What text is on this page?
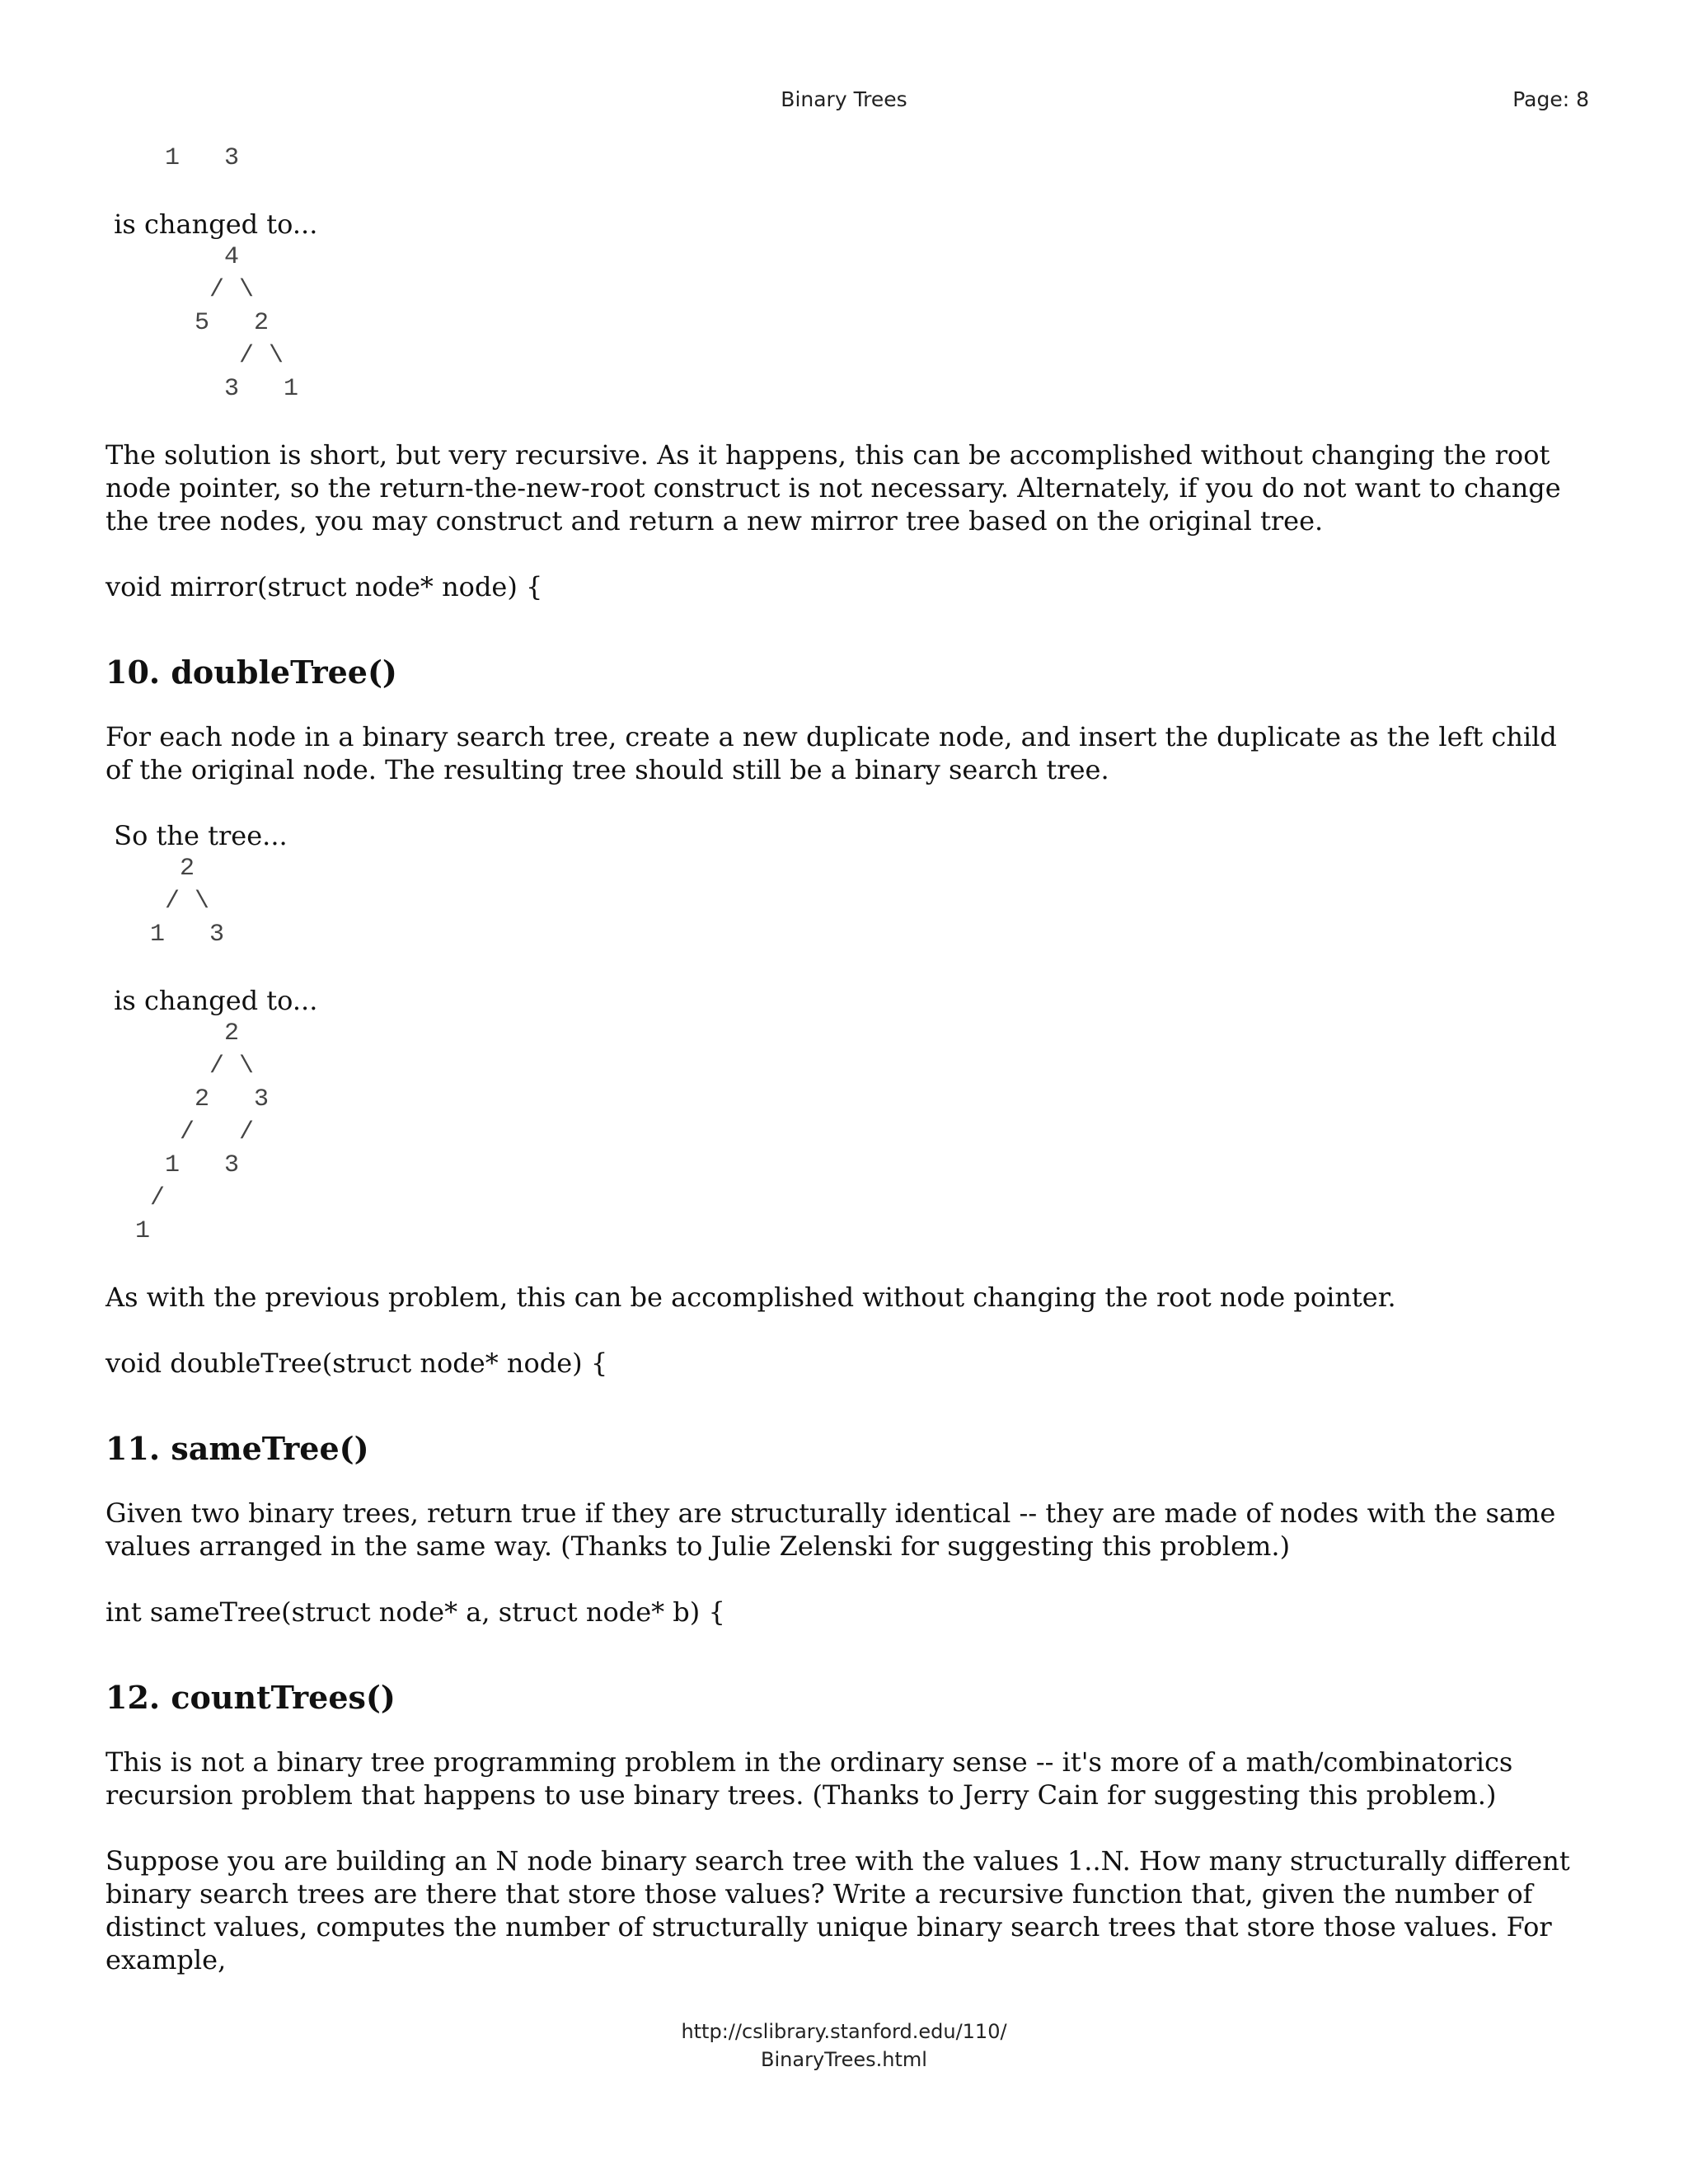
Binary Trees	Page: 8
1   3
is changed to...
4
/ \
5   2
/ \
3   1

The solution is short, but very recursive. As it happens, this can be accomplished without changing the root node pointer, so the return-the-new-root construct is not necessary. Alternately, if you do not want to change the tree nodes, you may construct and return a new mirror tree based on the original tree.

void mirror(struct node* node) {
10. doubleTree()

For each node in a binary search tree, create a new duplicate node, and insert the duplicate as the left child of the original node. The resulting tree should still be a binary search tree.

So the tree...
2
/ \
1   3
is changed to...
2
/ \
2   3
/   /
1   3
/
1

As with the previous problem, this can be accomplished without changing the root node pointer.

void doubleTree(struct node* node) {
11. sameTree()

Given two binary trees, return true if they are structurally identical -- they are made of nodes with the same values arranged in the same way. (Thanks to Julie Zelenski for suggesting this problem.)

int sameTree(struct node* a, struct node* b) {
12. countTrees()

This is not a binary tree programming problem in the ordinary sense -- it's more of a math/combinatorics recursion problem that happens to use binary trees. (Thanks to Jerry Cain for suggesting this problem.)

Suppose you are building an N node binary search tree with the values 1..N. How many structurally different binary search trees are there that store those values? Write a recursive function that, given the number of distinct values, computes the number of structurally unique binary search trees that store those values. For example,

http://cslibrary.stanford.edu/110/
BinaryTrees.html
